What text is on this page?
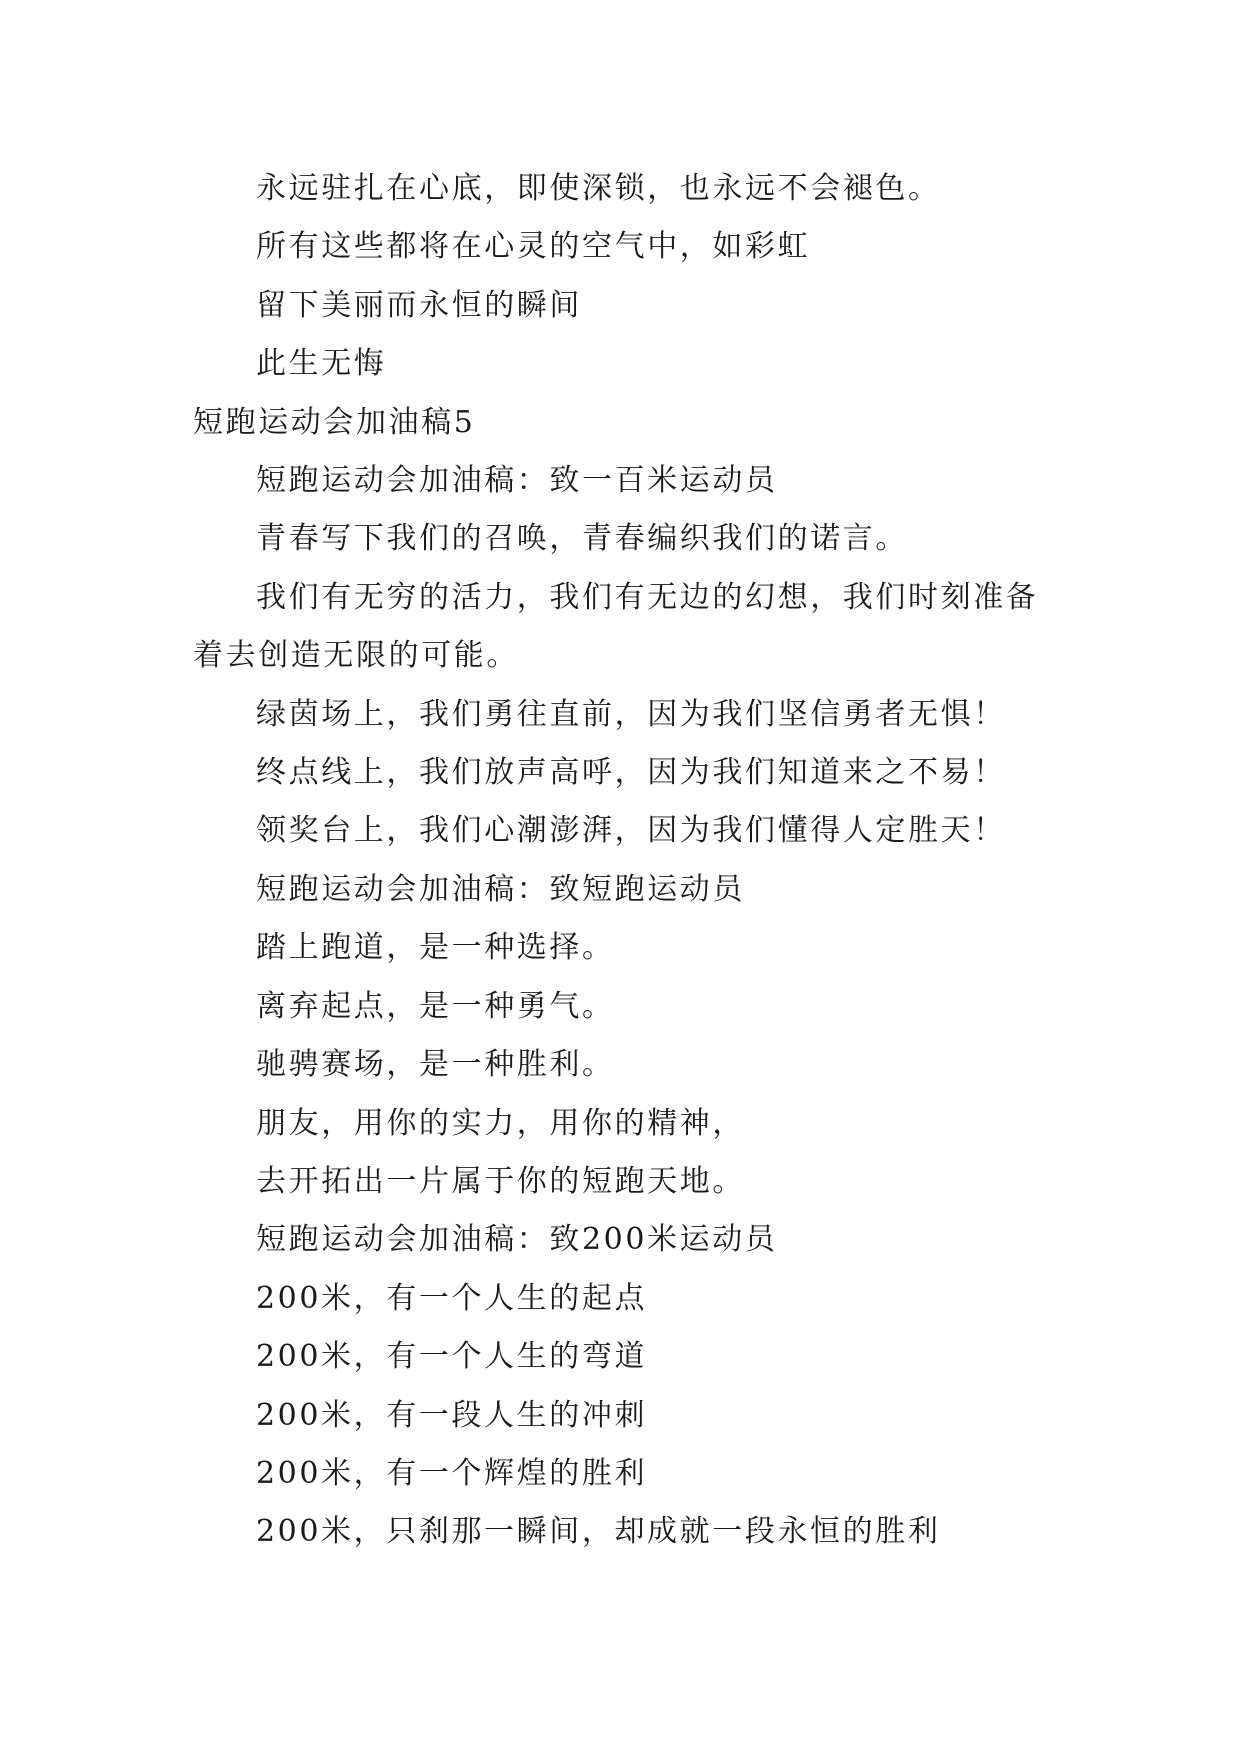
永远驻扎在心底，即使深锁，也永远不会褪色。

所有这些都将在心灵的空气中，如彩虹

留下美丽而永恒的瞬间

此生无悔

短跑运动会加油稿5

短跑运动会加油稿：致一百米运动员

青春写下我们的召唤，青春编织我们的诺言。

我们有无穷的活力，我们有无边的幻想，我们时刻准备着去创造无限的可能。

绿茵场上，我们勇往直前，因为我们坚信勇者无惧！

终点线上，我们放声高呼，因为我们知道来之不易！

领奖台上，我们心潮澎湃，因为我们懂得人定胜天！

短跑运动会加油稿：致短跑运动员

踏上跑道，是一种选择。

离弃起点，是一种勇气。

驰骋赛场，是一种胜利。

朋友，用你的实力，用你的精神，

去开拓出一片属于你的短跑天地。

短跑运动会加油稿：致200米运动员

200米，有一个人生的起点

200米，有一个人生的弯道

200米，有一段人生的冲刺

200米，有一个辉煌的胜利

200米，只刹那一瞬间，却成就一段永恒的胜利
